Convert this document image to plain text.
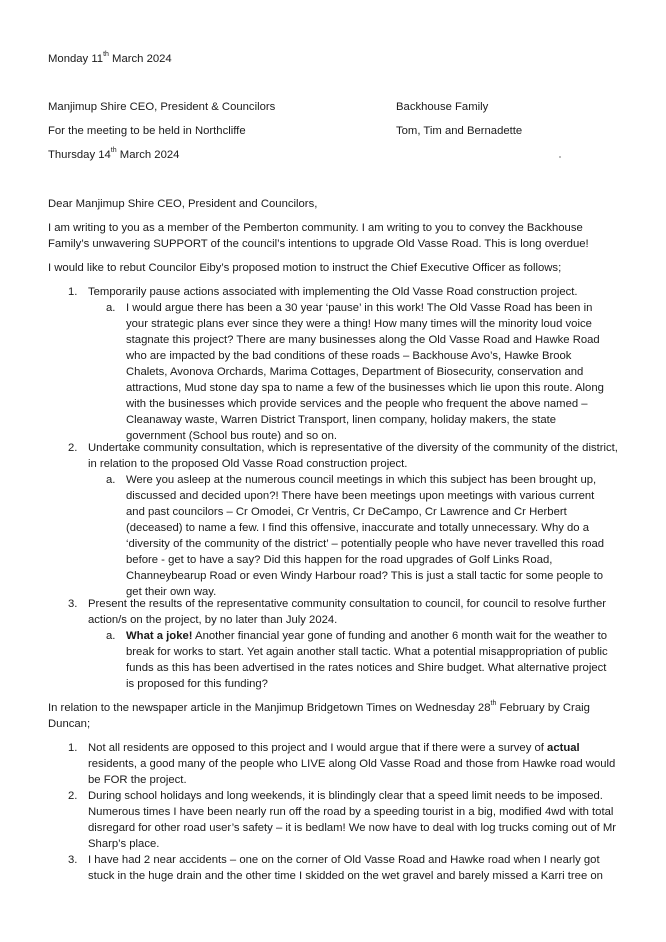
Monday 11th March 2024
Manjimup Shire CEO, President & Councilors
For the meeting to be held in Northcliffe
Thursday 14th March 2024
Backhouse Family
Tom, Tim and Bernadette
Dear Manjimup Shire CEO, President and Councilors,
I am writing to you as a member of the Pemberton community. I am writing to you to convey the Backhouse Family’s unwavering SUPPORT of the council’s intentions to upgrade Old Vasse Road. This is long overdue!
I would like to rebut Councilor Eiby’s proposed motion to instruct the Chief Executive Officer as follows;
1. Temporarily pause actions associated with implementing the Old Vasse Road construction project.
a. I would argue there has been a 30 year ‘pause’ in this work! The Old Vasse Road has been in your strategic plans ever since they were a thing! How many times will the minority loud voice stagnate this project? There are many businesses along the Old Vasse Road and Hawke Road who are impacted by the bad conditions of these roads – Backhouse Avo’s, Hawke Brook Chalets, Avonova Orchards, Marima Cottages, Department of Biosecurity, conservation and attractions, Mud stone day spa to name a few of the businesses which lie upon this route. Along with the businesses which provide services and the people who frequent the above named – Cleanaway waste, Warren District Transport, linen company, holiday makers, the state government (School bus route) and so on.
2. Undertake community consultation, which is representative of the diversity of the community of the district, in relation to the proposed Old Vasse Road construction project.
a. Were you asleep at the numerous council meetings in which this subject has been brought up, discussed and decided upon?! There have been meetings upon meetings with various current and past councilors – Cr Omodei, Cr Ventris, Cr DeCampo, Cr Lawrence and Cr Herbert (deceased) to name a few. I find this offensive, inaccurate and totally unnecessary. Why do a ‘diversity of the community of the district’ – potentially people who have never travelled this road before - get to have a say? Did this happen for the road upgrades of Golf Links Road, Channeybearup Road or even Windy Harbour road? This is just a stall tactic for some people to get their own way.
3. Present the results of the representative community consultation to council, for council to resolve further action/s on the project, by no later than July 2024.
a. What a joke! Another financial year gone of funding and another 6 month wait for the weather to break for works to start. Yet again another stall tactic. What a potential misappropriation of public funds as this has been advertised in the rates notices and Shire budget. What alternative project is proposed for this funding?
In relation to the newspaper article in the Manjimup Bridgetown Times on Wednesday 28th February by Craig Duncan;
1. Not all residents are opposed to this project and I would argue that if there were a survey of actual residents, a good many of the people who LIVE along Old Vasse Road and those from Hawke road would be FOR the project.
2. During school holidays and long weekends, it is blindingly clear that a speed limit needs to be imposed. Numerous times I have been nearly run off the road by a speeding tourist in a big, modified 4wd with total disregard for other road user’s safety – it is bedlam! We now have to deal with log trucks coming out of Mr Sharp’s place.
3. I have had 2 near accidents – one on the corner of Old Vasse Road and Hawke road when I nearly got stuck in the huge drain and the other time I skidded on the wet gravel and barely missed a Karri tree on
